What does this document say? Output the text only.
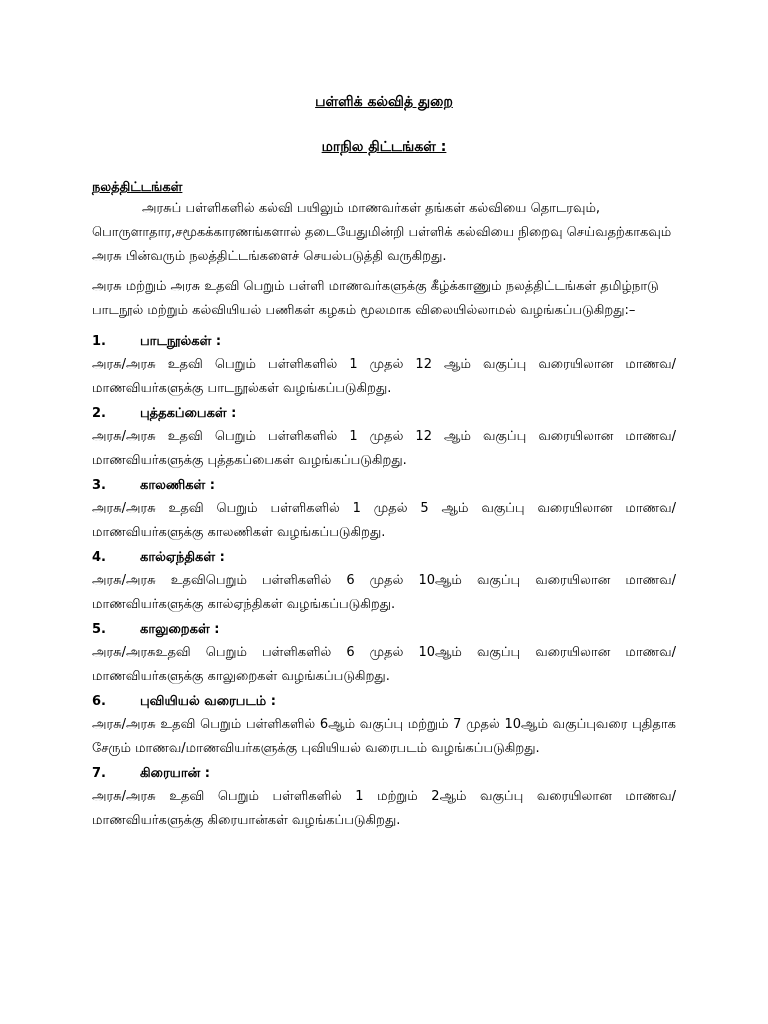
பள்ளிக் கல்வித் துறை
மாநில திட்டங்கள் :
நலத்திட்டங்கள்

அரசுப் பள்ளிகளில் கல்வி பயிலும் மாணவர்கள் தங்கள் கல்வியை தொடரவும், பொருளாதார,சமூகக்காரணங்களால் தடையேதுமின்றி பள்ளிக் கல்வியை நிறைவு செய்வதற்காகவும் அரசு பின்வரும் நலத்திட்டங்களைச் செயல்படுத்தி வருகிறது.

அரசு மற்றும் அரசு உதவி பெறும் பள்ளி மாணவர்களுக்கு கீழ்க்காணும் நலத்திட்டங்கள் தமிழ்நாடு பாடநூல் மற்றும் கல்வியியல் பணிகள் கழகம் மூலமாக விலையில்லாமல் வழங்கப்படுகிறது:–

1.	பாடநூல்கள் :

அரசு/அரசு உதவி பெறும் பள்ளிகளில் 1 முதல் 12 ஆம் வகுப்பு வரையிலான மாணவ/மாணவியர்களுக்கு பாடநூல்கள் வழங்கப்படுகிறது.

2.	புத்தகப்பைகள் :

அரசு/அரசு உதவி பெறும் பள்ளிகளில் 1 முதல் 12 ஆம் வகுப்பு வரையிலான மாணவ/மாணவியர்களுக்கு புத்தகப்பைகள் வழங்கப்படுகிறது.

3.	காலணிகள் :

அரசு/அரசு உதவி பெறும் பள்ளிகளில் 1 முதல் 5 ஆம் வகுப்பு வரையிலான மாணவ/மாணவியர்களுக்கு காலணிகள் வழங்கப்படுகிறது.

4.	கால்ஏந்திகள் :

அரசு/அரசு உதவிபெறும் பள்ளிகளில் 6 முதல் 10ஆம் வகுப்பு வரையிலான மாணவ/மாணவியர்களுக்கு கால்ஏந்திகள் வழங்கப்படுகிறது.

5.	காலுறைகள் :

அரசு/அரசுஉதவி பெறும் பள்ளிகளில் 6 முதல் 10ஆம் வகுப்பு வரையிலான மாணவ/மாணவியர்களுக்கு காலுறைகள் வழங்கப்படுகிறது.

6.	புவியியல் வரைபடம் :

அரசு/அரசு உதவி பெறும் பள்ளிகளில் 6ஆம் வகுப்பு மற்றும் 7 முதல் 10ஆம் வகுப்புவரை புதிதாக சேரும் மாணவ/மாணவியர்களுக்கு புவியியல் வரைபடம் வழங்கப்படுகிறது.

7.	கிரையான் :

அரசு/அரசு உதவி பெறும் பள்ளிகளில் 1 மற்றும் 2ஆம் வகுப்பு வரையிலான மாணவ/மாணவியர்களுக்கு கிரையான்கள் வழங்கப்படுகிறது.
